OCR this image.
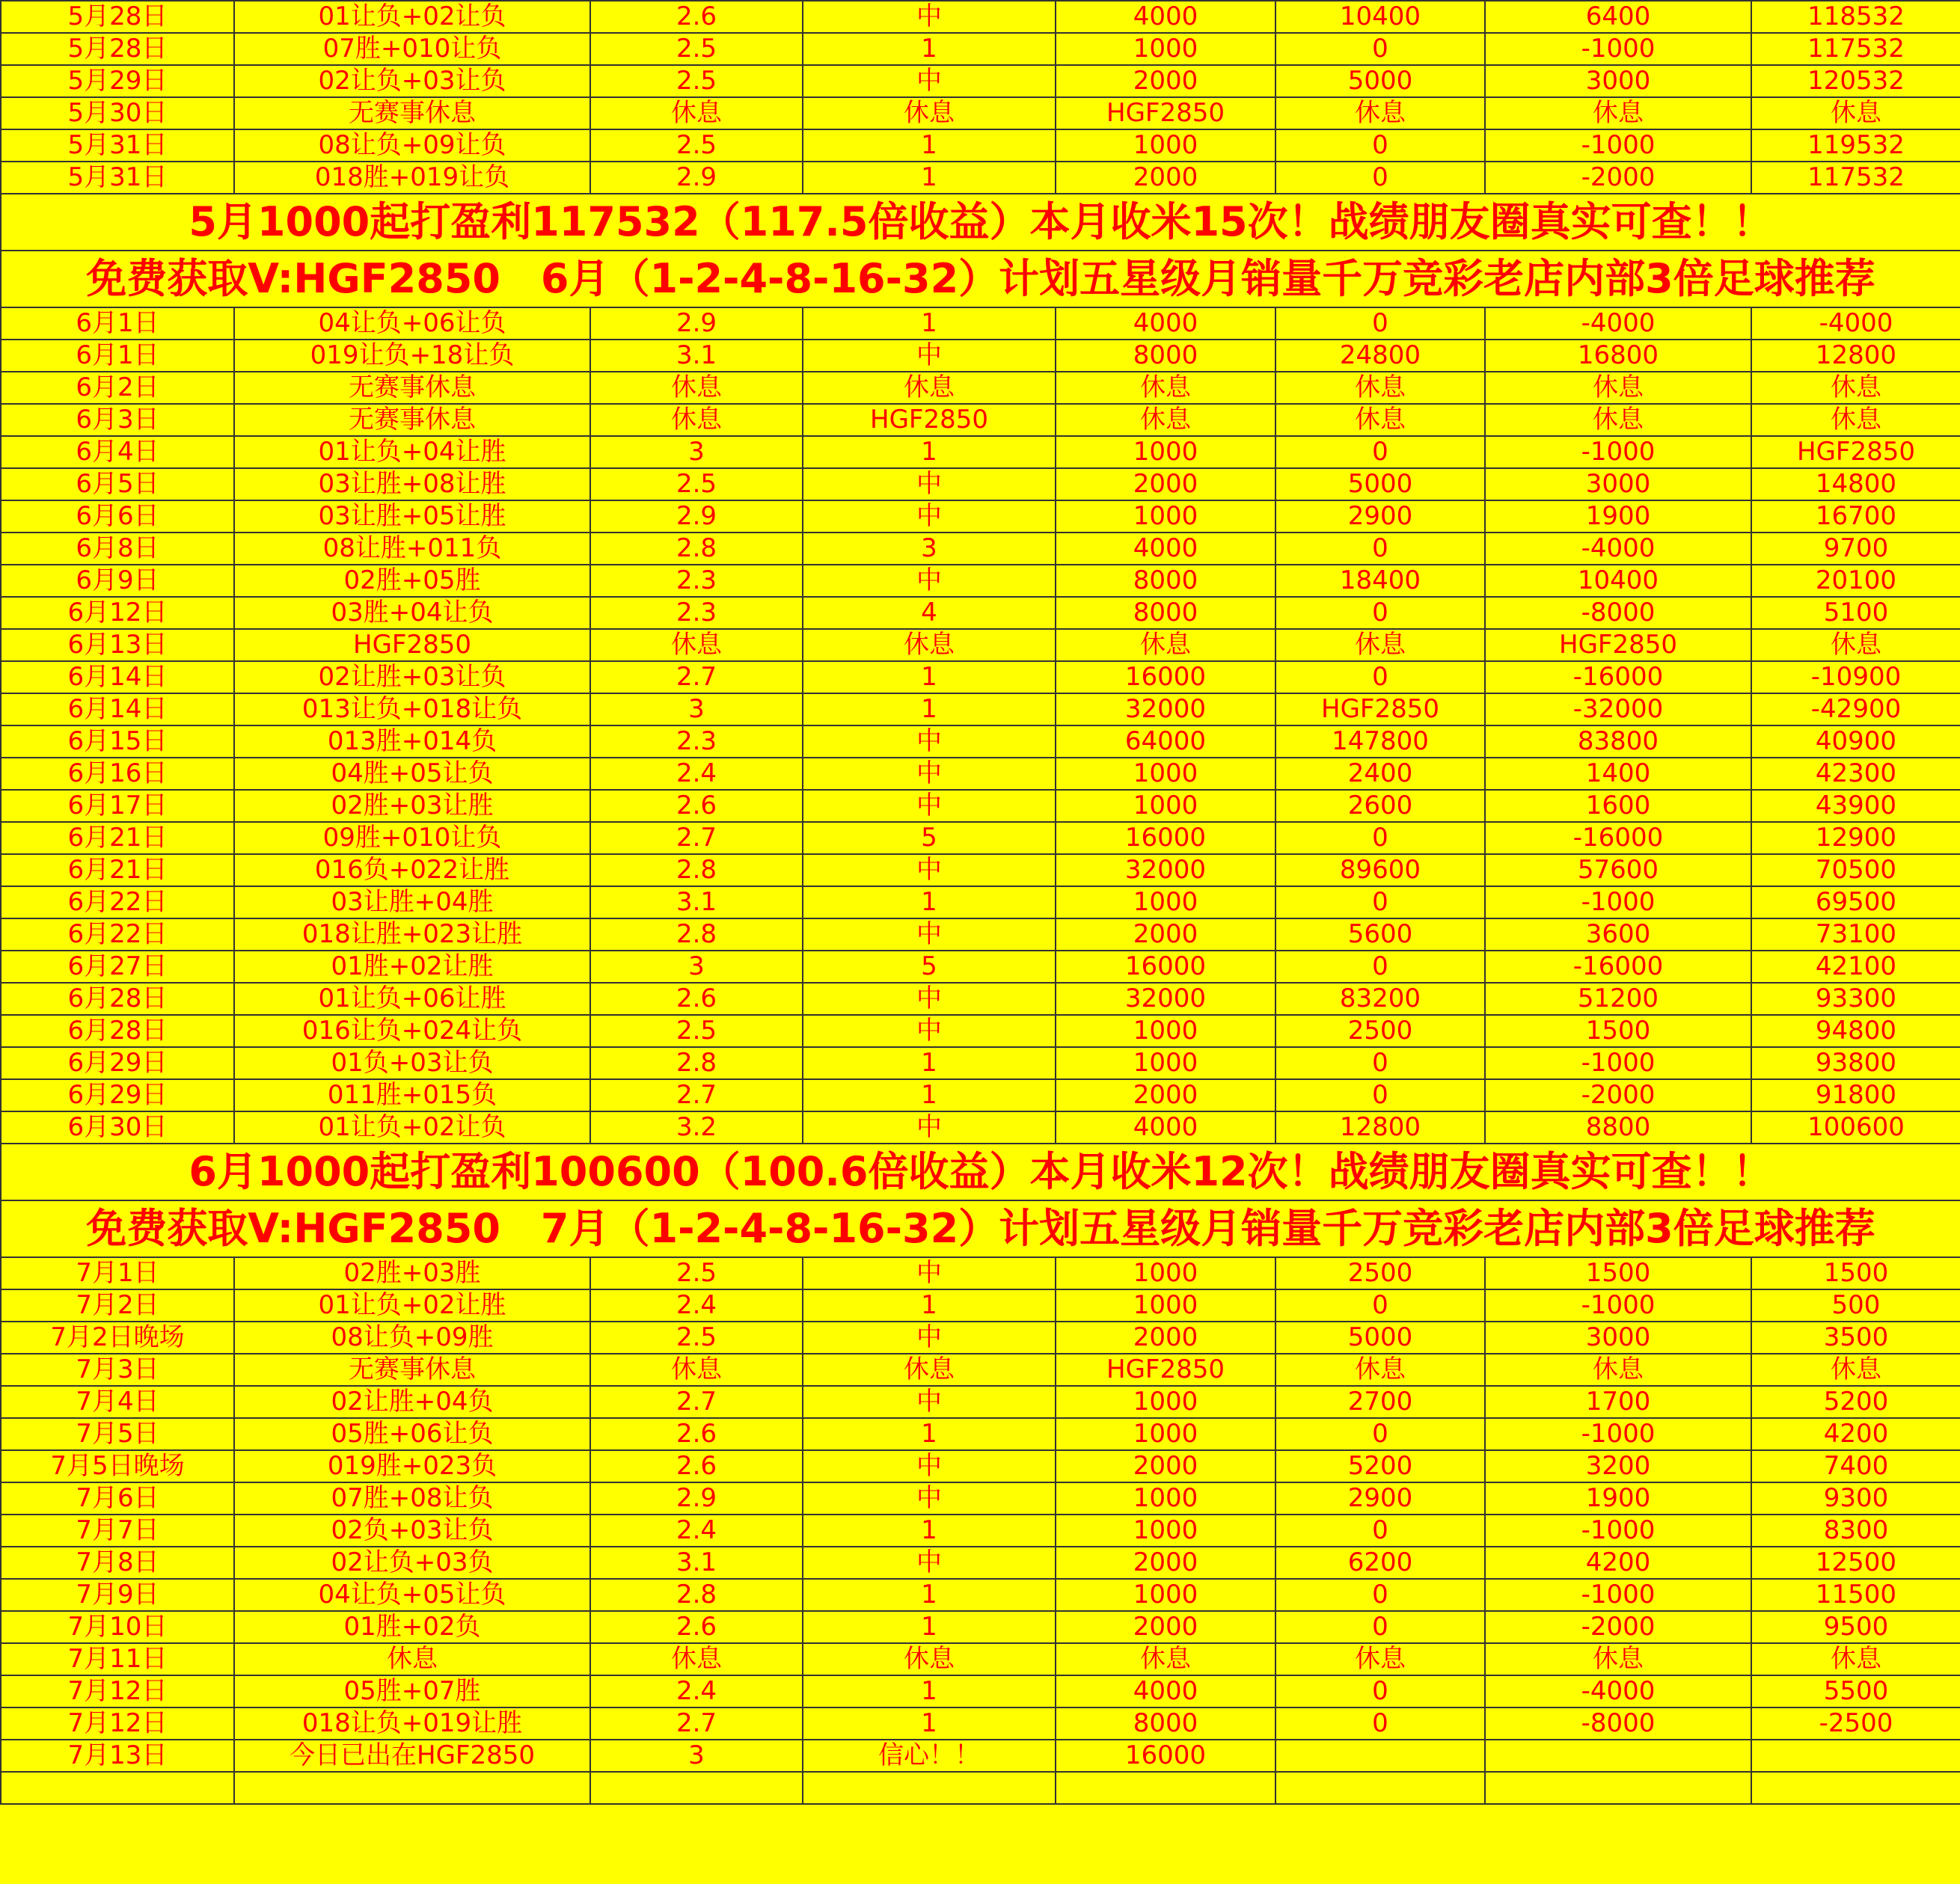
5月28日	01让负+02让负	2.6	中	4000	10400	6400	118532
5月28日	07胜+010让负	2.5	1	1000	0	-1000	117532
5月29日	02让负+03让负	2.5	中	2000	5000	3000	120532
5月30日	无赛事休息	休息	休息	HGF2850	休息	休息	休息
5月31日	08让负+09让负	2.5	1	1000	0	-1000	119532
5月31日	018胜+019让负	2.9	1	2000	0	-2000	117532
5月1000起打盈利117532（117.5倍收益）本月收米15次！战绩朋友圈真实可查！！							
免费获取V:HGF2850　6月（1-2-4-8-16-32）计划五星级月销量千万竞彩老店内部3倍足球推荐							
6月1日	04让负+06让负	2.9	1	4000	0	-4000	-4000
6月1日	019让负+18让负	3.1	中	8000	24800	16800	12800
6月2日	无赛事休息	休息	休息	休息	休息	休息	休息
6月3日	无赛事休息	休息	HGF2850	休息	休息	休息	休息
6月4日	01让负+04让胜	3	1	1000	0	-1000	HGF2850
6月5日	03让胜+08让胜	2.5	中	2000	5000	3000	14800
6月6日	03让胜+05让胜	2.9	中	1000	2900	1900	16700
6月8日	08让胜+011负	2.8	3	4000	0	-4000	9700
6月9日	02胜+05胜	2.3	中	8000	18400	10400	20100
6月12日	03胜+04让负	2.3	4	8000	0	-8000	5100
6月13日	HGF2850	休息	休息	休息	休息	HGF2850	休息
6月14日	02让胜+03让负	2.7	1	16000	0	-16000	-10900
6月14日	013让负+018让负	3	1	32000	HGF2850	-32000	-42900
6月15日	013胜+014负	2.3	中	64000	147800	83800	40900
6月16日	04胜+05让负	2.4	中	1000	2400	1400	42300
6月17日	02胜+03让胜	2.6	中	1000	2600	1600	43900
6月21日	09胜+010让负	2.7	5	16000	0	-16000	12900
6月21日	016负+022让胜	2.8	中	32000	89600	57600	70500
6月22日	03让胜+04胜	3.1	1	1000	0	-1000	69500
6月22日	018让胜+023让胜	2.8	中	2000	5600	3600	73100
6月27日	01胜+02让胜	3	5	16000	0	-16000	42100
6月28日	01让负+06让胜	2.6	中	32000	83200	51200	93300
6月28日	016让负+024让负	2.5	中	1000	2500	1500	94800
6月29日	01负+03让负	2.8	1	1000	0	-1000	93800
6月29日	011胜+015负	2.7	1	2000	0	-2000	91800
6月30日	01让负+02让负	3.2	中	4000	12800	8800	100600
6月1000起打盈利100600（100.6倍收益）本月收米12次！战绩朋友圈真实可查！！							
免费获取V:HGF2850　7月（1-2-4-8-16-32）计划五星级月销量千万竞彩老店内部3倍足球推荐							
7月1日	02胜+03胜	2.5	中	1000	2500	1500	1500
7月2日	01让负+02让胜	2.4	1	1000	0	-1000	500
7月2日晚场	08让负+09胜	2.5	中	2000	5000	3000	3500
7月3日	无赛事休息	休息	休息	HGF2850	休息	休息	休息
7月4日	02让胜+04负	2.7	中	1000	2700	1700	5200
7月5日	05胜+06让负	2.6	1	1000	0	-1000	4200
7月5日晚场	019胜+023负	2.6	中	2000	5200	3200	7400
7月6日	07胜+08让负	2.9	中	1000	2900	1900	9300
7月7日	02负+03让负	2.4	1	1000	0	-1000	8300
7月8日	02让负+03负	3.1	中	2000	6200	4200	12500
7月9日	04让负+05让负	2.8	1	1000	0	-1000	11500
7月10日	01胜+02负	2.6	1	2000	0	-2000	9500
7月11日	休息	休息	休息	休息	休息	休息	休息
7月12日	05胜+07胜	2.4	1	4000	0	-4000	5500
7月12日	018让负+019让胜	2.7	1	8000	0	-8000	-2500
7月13日	今日已出在HGF2850	3	信心！！	16000			
